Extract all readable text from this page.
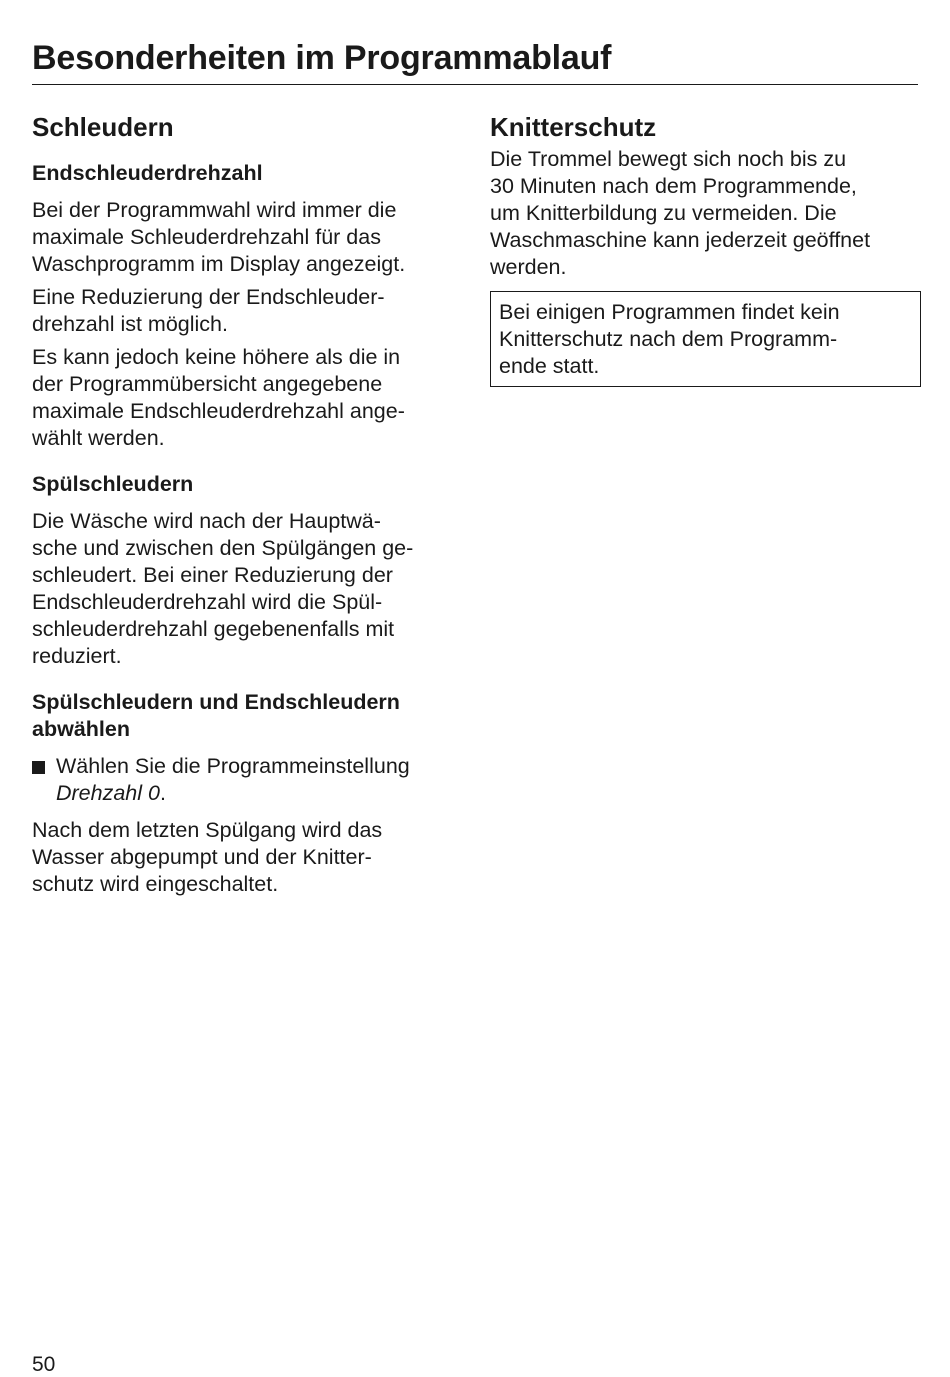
Besonderheiten im Programmablauf
Schleudern
Endschleuderdrehzahl

Bei der Programmwahl wird immer die
maximale Schleuderdrehzahl für das
Waschprogramm im Display angezeigt.

Eine Reduzierung der Endschleuder-
drehzahl ist möglich.

Es kann jedoch keine höhere als die in
der Programmübersicht angegebene
maximale Endschleuderdrehzahl ange-
wählt werden.

Spülschleudern

Die Wäsche wird nach der Hauptwä-
sche und zwischen den Spülgängen ge-
schleudert. Bei einer Reduzierung der
Endschleuderdrehzahl wird die Spül-
schleuderdrehzahl gegebenenfalls mit
reduziert.

Spülschleudern und Endschleudern
abwählen
Wählen Sie die Programmeinstellung
Drehzahl 0.

Nach dem letzten Spülgang wird das
Wasser abgepumpt und der Knitter-
schutz wird eingeschaltet.

Knitterschutz

Die Trommel bewegt sich noch bis zu
30 Minuten nach dem Programmende,
um Knitterbildung zu vermeiden. Die
Waschmaschine kann jederzeit geöffnet
werden.

Bei einigen Programmen findet kein
Knitterschutz nach dem Programm-
ende statt.

50
